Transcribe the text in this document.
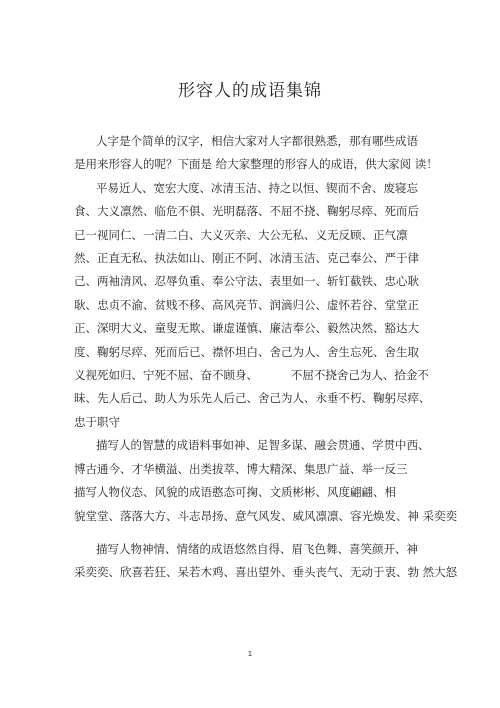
形容人的成语集锦
人字是个简单的汉字，相信大家对人字都很熟悉，那有哪些成语
是用来形容人的呢？下面是 给大家整理的形容人的成语，供大家阅 读！
平易近人、宽宏大度、冰清玉洁、持之以恒、锲而不舍、废寝忘
食、大义凛然、临危不俱、光明磊落、不屈不挠、鞠躬尽瘁、死而后
已一视同仁、一清二白、大义灭亲、大公无私、义无反顾、正气凛
然、正直无私、执法如山、刚正不阿、冰清玉洁、克己奉公、严于律
己、两袖清风、忍辱负重、奉公守法、表里如一、斩钉截铁、忠心耿
耿、忠贞不渝、贫贱不移、高风亮节、润滴归公、虚怀若谷、堂堂正
正、深明大义、童叟无欺、谦虚谨慎、廉洁奉公、毅然决然、豁达大
度、鞠躬尽瘁、死而后已、襟怀坦白、舍己为人、舍生忘死、舍生取
义视死如归、宁死不屈、奋不顾身、         不屈不挠舍己为人、拾金不
昧、先人后己、助人为乐先人后己、舍己为人、永垂不朽、鞠躬尽瘁、
忠于职守
描写人的智慧的成语料事如神、足智多谋、融会贯通、学贯中西、
博古通今、才华横溢、出类拔萃、博大精深、集思广益、举一反三
描写人物仪态、风貌的成语憨态可掬、文质彬彬、风度翩翩、相
貌堂堂、落落大方、斗志昂扬、意气风发、威风凛凛、容光焕发、神 采奕奕
描写人物神情、情绪的成语悠然自得、眉飞色舞、喜笑颜开、神
采奕奕、欣喜若狂、呆若木鸡、喜出望外、垂头丧气、无动于衷、勃 然大怒
1
